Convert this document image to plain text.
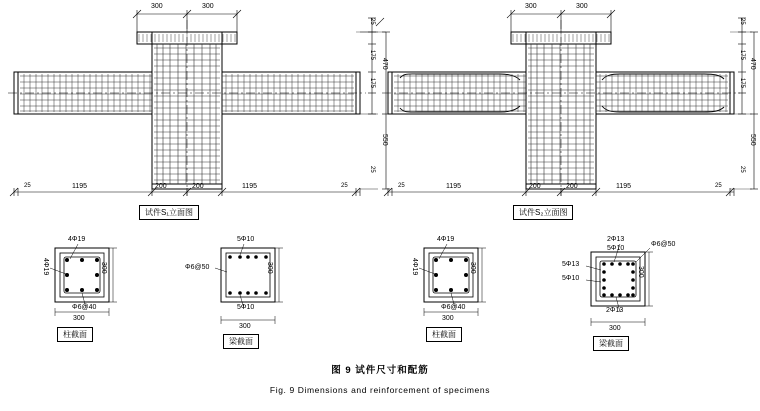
300	300
25	1195	200	200	1195	25
25
175
175
470
550
25
试件S₁立面图
300	300
25	1195	200	200	1195	25
25
175
175
470
550
25
试件S₂立面图
4Φ19
4Φ19	300
Φ6@40
300
柱截面
5Φ10
Φ6@50	300
5Φ10
300
梁截面
4Φ19
4Φ19	300
Φ6@40
300
柱截面
2Φ13
5Φ10
Φ6@50
5Φ13
5Φ10
300
2Φ13
300
梁截面
图 9 试件尺寸和配筋
Fig. 9 Dimensions and reinforcement of specimens
